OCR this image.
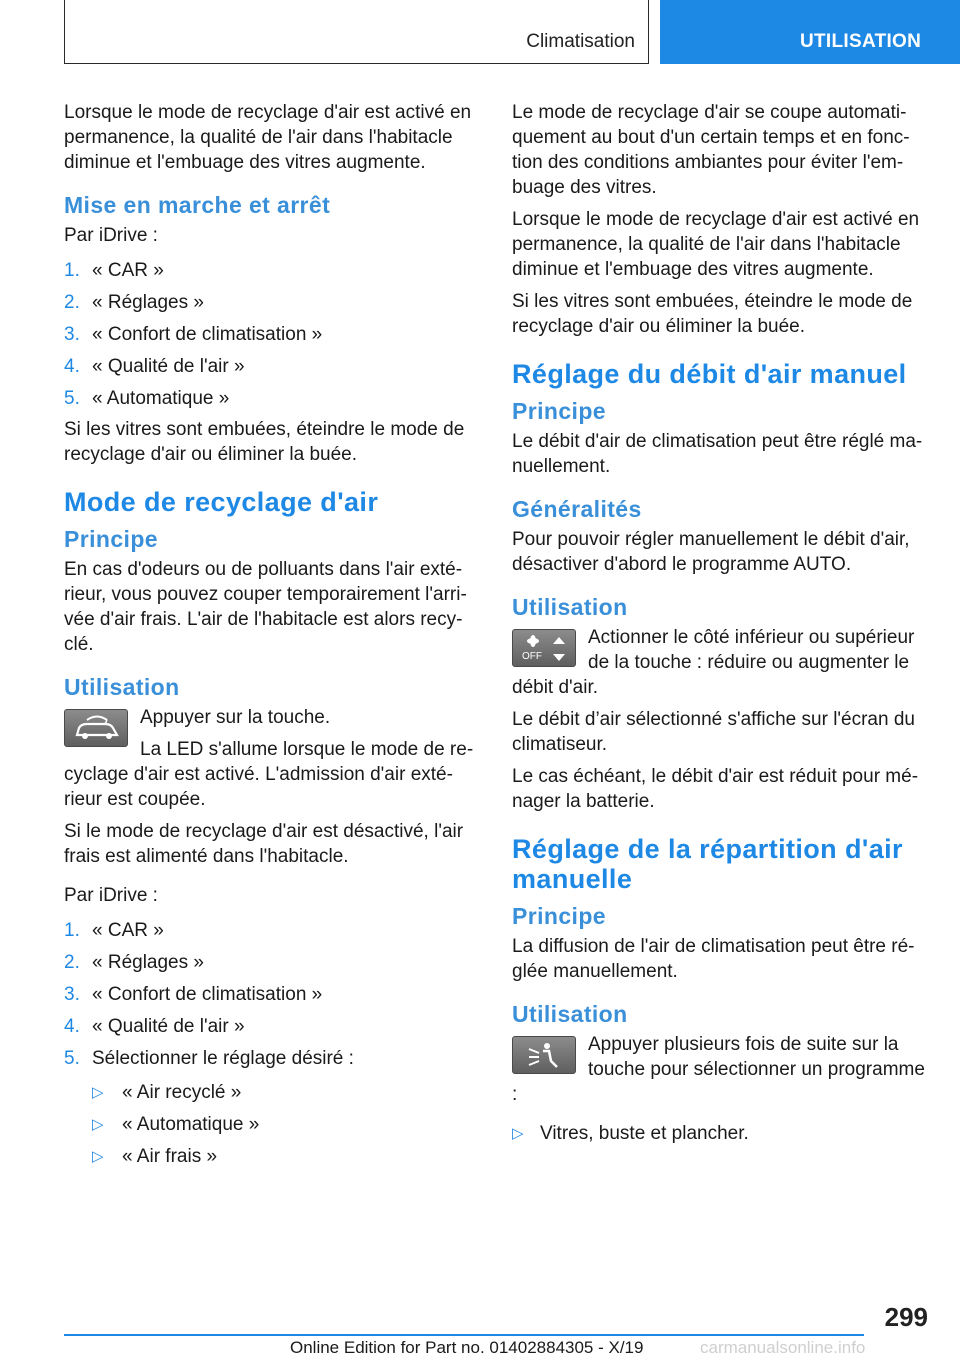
Climatisation	UTILISATION

Lorsque le mode de recyclage d'air est activé en permanence, la qualité de l'air dans l'habitacle diminue et l'embuage des vitres augmente.

Mise en marche et arrêt

Par iDrive :

1. « CAR »
2. « Réglages »
3. « Confort de climatisation »
4. « Qualité de l'air »
5. « Automatique »

Si les vitres sont embuées, éteindre le mode de recyclage d'air ou éliminer la buée.

Mode de recyclage d'air
Principe

En cas d'odeurs ou de polluants dans l'air extérieur, vous pouvez couper temporairement l'arrivée d'air frais. L'air de l'habitacle est alors recyclé.

Utilisation

Appuyer sur la touche.

La LED s'allume lorsque le mode de recyclage d'air est activé. L'admission d'air extérieur est coupée.

Si le mode de recyclage d'air est désactivé, l'air frais est alimenté dans l'habitacle.

Par iDrive :

1. « CAR »
2. « Réglages »
3. « Confort de climatisation »
4. « Qualité de l'air »
5. Sélectionner le réglage désiré :
▷ « Air recyclé »
▷ « Automatique »
▷ « Air frais »

Le mode de recyclage d'air se coupe automatiquement au bout d'un certain temps et en fonction des conditions ambiantes pour éviter l'embuage des vitres.

Lorsque le mode de recyclage d'air est activé en permanence, la qualité de l'air dans l'habitacle diminue et l'embuage des vitres augmente.

Si les vitres sont embuées, éteindre le mode de recyclage d'air ou éliminer la buée.

Réglage du débit d'air manuel
Principe

Le débit d'air de climatisation peut être réglé manuellement.

Généralités

Pour pouvoir régler manuellement le débit d'air, désactiver d'abord le programme AUTO.

Utilisation
OFF

Actionner le côté inférieur ou supérieur de la touche : réduire ou augmenter le débit d'air.

Le débit d’air sélectionné s'affiche sur l'écran du climatiseur.

Le cas échéant, le débit d'air est réduit pour ménager la batterie.

Réglage de la répartition d'air manuelle
Principe

La diffusion de l'air de climatisation peut être réglée manuellement.

Utilisation

Appuyer plusieurs fois de suite sur la touche pour sélectionner un programme :

▷ Vitres, buste et plancher.
299
Online Edition for Part no. 01402884305 - X/19	carmanualsonline.info
